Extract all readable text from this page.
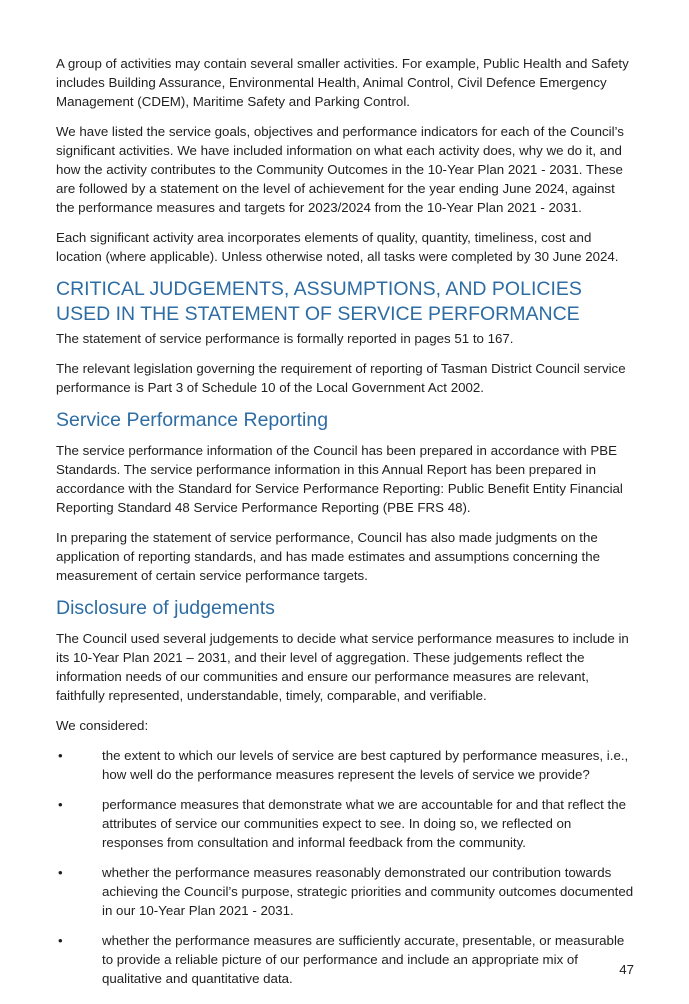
A group of activities may contain several smaller activities. For example, Public Health and Safety includes Building Assurance, Environmental Health, Animal Control, Civil Defence Emergency Management (CDEM), Maritime Safety and Parking Control.

We have listed the service goals, objectives and performance indicators for each of the Council’s significant activities. We have included information on what each activity does, why we do it, and how the activity contributes to the Community Outcomes in the 10-Year Plan 2021 - 2031. These are followed by a statement on the level of achievement for the year ending June 2024, against the performance measures and targets for 2023/2024 from the 10-Year Plan 2021 - 2031.

Each significant activity area incorporates elements of quality, quantity, timeliness, cost and location (where applicable). Unless otherwise noted, all tasks were completed by 30 June 2024.

CRITICAL JUDGEMENTS, ASSUMPTIONS, AND POLICIES USED IN THE STATEMENT OF SERVICE PERFORMANCE

The statement of service performance is formally reported in pages 51 to 167.

The relevant legislation governing the requirement of reporting of Tasman District Council service performance is Part 3 of Schedule 10 of the Local Government Act 2002.

Service Performance Reporting

The service performance information of the Council has been prepared in accordance with PBE Standards. The service performance information in this Annual Report has been prepared in accordance with the Standard for Service Performance Reporting: Public Benefit Entity Financial Reporting Standard 48 Service Performance Reporting (PBE FRS 48).

In preparing the statement of service performance, Council has also made judgments on the application of reporting standards, and has made estimates and assumptions concerning the measurement of certain service performance targets.

Disclosure of judgements

The Council used several judgements to decide what service performance measures to include in its 10-Year Plan 2021 – 2031, and their level of aggregation. These judgements reflect the information needs of our communities and ensure our performance measures are relevant, faithfully represented, understandable, timely, comparable, and verifiable.

We considered:

•	the extent to which our levels of service are best captured by performance measures, i.e., how well do the performance measures represent the levels of service we provide?
•	performance measures that demonstrate what we are accountable for and that reflect the attributes of service our communities expect to see. In doing so, we reflected on responses from consultation and informal feedback from the community.
•	whether the performance measures reasonably demonstrated our contribution towards achieving the Council’s purpose, strategic priorities and community outcomes documented in our 10-Year Plan 2021 - 2031.
•	whether the performance measures are sufficiently accurate, presentable, or measurable to provide a reliable picture of our performance and include an appropriate mix of qualitative and quantitative data.
47
